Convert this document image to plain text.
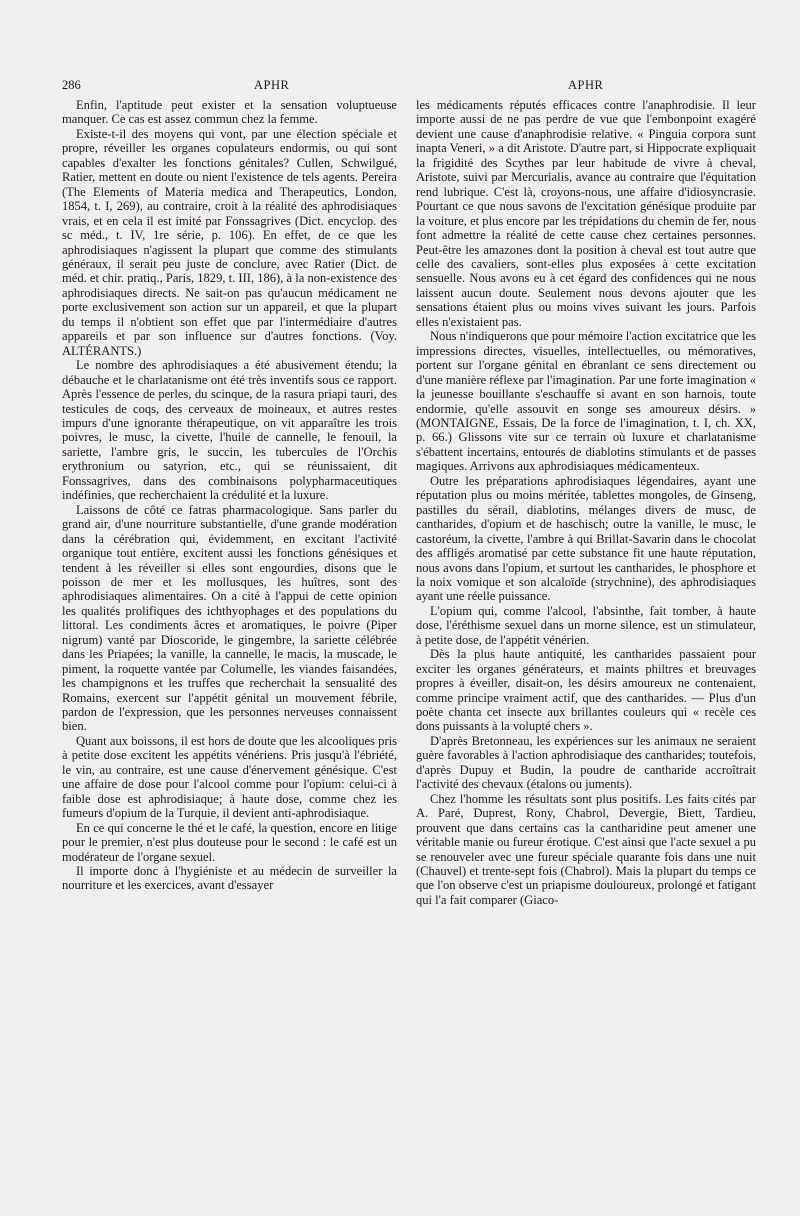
286	APHR	APHR

Enfin, l'aptitude peut exister et la sensation voluptueuse manquer. Ce cas est assez commun chez la femme.

Existe-t-il des moyens qui vont, par une élection spéciale et propre, réveiller les organes copulateurs endormis, ou qui sont capables d'exalter les fonctions génitales? Cullen, Schwilgué, Ratier, mettent en doute ou nient l'existence de tels agents. Pereira (The Elements of Materia medica and Therapeutics, London, 1854, t. I, 269), au contraire, croit à la réalité des aphrodisiaques vrais, et en cela il est imité par Fonssagrives (Dict. encyclop. des sc méd., t. IV, 1re série, p. 106). En effet, de ce que les aphrodisiaques n'agissent la plupart que comme des stimulants généraux, il serait peu juste de conclure, avec Ratier (Dict. de méd. et chir. pratiq., Paris, 1829, t. III, 186), à la non-existence des aphrodisiaques directs. Ne sait-on pas qu'aucun médicament ne porte exclusivement son action sur un appareil, et que la plupart du temps il n'obtient son effet que par l'intermédiaire d'autres appareils et par son influence sur d'autres fonctions. (Voy. ALTÉRANTS.)

Le nombre des aphrodisiaques a été abusivement étendu; la débauche et le charlatanisme ont été très inventifs sous ce rapport. Après l'essence de perles, du scinque, de la rasura priapi tauri, des testicules de coqs, des cerveaux de moineaux, et autres restes impurs d'une ignorante thérapeutique, on vit apparaître les trois poivres, le musc, la civette, l'huile de cannelle, le fenouil, la sariette, l'ambre gris, le succin, les tubercules de l'Orchis erythronium ou satyrion, etc., qui se réunissaient, dit Fonssagrives, dans des combinaisons polypharmaceutiques indéfinies, que recherchaient la crédulité et la luxure.

Laissons de côté ce fatras pharmacologique. Sans parler du grand air, d'une nourriture substantielle, d'une grande modération dans la cérébration qui, évidemment, en excitant l'activité organique tout entière, excitent aussi les fonctions génésiques et tendent à les réveiller si elles sont engourdies, disons que le poisson de mer et les mollusques, les huîtres, sont des aphrodisiaques alimentaires. On a cité à l'appui de cette opinion les qualités prolifiques des ichthyophages et des populations du littoral. Les condiments âcres et aromatiques, le poivre (Piper nigrum) vanté par Dioscoride, le gingembre, la sariette célébrée dans les Priapées; la vanille, la cannelle, le macis, la muscade, le piment, la roquette vantée par Columelle, les viandes faisandées, les champignons et les truffes que recherchait la sensualité des Romains, exercent sur l'appétit génital un mouvement fébrile, pardon de l'expression, que les personnes nerveuses connaissent bien.

Quant aux boissons, il est hors de doute que les alcooliques pris à petite dose excitent les appétits vénériens. Pris jusqu'à l'ébriété, le vin, au contraire, est une cause d'énervement génésique. C'est une affaire de dose pour l'alcool comme pour l'opium: celui-ci à faible dose est aphrodisiaque; à haute dose, comme chez les fumeurs d'opium de la Turquie, il devient anti-aphrodisiaque.

En ce qui concerne le thé et le café, la question, encore en litige pour le premier, n'est plus douteuse pour le second : le café est un modérateur de l'organe sexuel.

Il importe donc à l'hygiéniste et au médecin de surveiller la nourriture et les exercices, avant d'essayer

les médicaments réputés efficaces contre l'anaphrodisie. Il leur importe aussi de ne pas perdre de vue que l'embonpoint exagéré devient une cause d'anaphrodisie relative. « Pinguia corpora sunt inapta Veneri, » a dit Aristote. D'autre part, si Hippocrate expliquait la frigidité des Scythes par leur habitude de vivre à cheval, Aristote, suivi par Mercurialis, avance au contraire que l'équitation rend lubrique. C'est là, croyons-nous, une affaire d'idiosyncrasie. Pourtant ce que nous savons de l'excitation génésique produite par la voiture, et plus encore par les trépidations du chemin de fer, nous font admettre la réalité de cette cause chez certaines personnes. Peut-être les amazones dont la position à cheval est tout autre que celle des cavaliers, sont-elles plus exposées à cette excitation sensuelle. Nous avons eu à cet égard des confidences qui ne nous laissent aucun doute. Seulement nous devons ajouter que les sensations étaient plus ou moins vives suivant les jours. Parfois elles n'existaient pas.

Nous n'indiquerons que pour mémoire l'action excitatrice que les impressions directes, visuelles, intellectuelles, ou mémoratives, portent sur l'organe génital en ébranlant ce sens directement ou d'une manière réflexe par l'imagination. Par une forte imagination « la jeunesse bouillante s'eschauffe si avant en son harnois, toute endormie, qu'elle assouvit en songe ses amoureux désirs. » (MONTAIGNE, Essais, De la force de l'imagination, t. I, ch. XX, p. 66.) Glissons vite sur ce terrain où luxure et charlatanisme s'ébattent incertains, entourés de diablotins stimulants et de passes magiques. Arrivons aux aphrodisiaques médicamenteux.

Outre les préparations aphrodisiaques légendaires, ayant une réputation plus ou moins méritée, tablettes mongoles, de Ginseng, pastilles du sérail, diablotins, mélanges divers de musc, de cantharides, d'opium et de haschisch; outre la vanille, le musc, le castoréum, la civette, l'ambre à qui Brillat-Savarin dans le chocolat des affligés aromatisé par cette substance fit une haute réputation, nous avons dans l'opium, et surtout les cantharides, le phosphore et la noix vomique et son alcaloïde (strychnine), des aphrodisiaques ayant une réelle puissance.

L'opium qui, comme l'alcool, l'absinthe, fait tomber, à haute dose, l'éréthisme sexuel dans un morne silence, est un stimulateur, à petite dose, de l'appétit vénérien.

Dès la plus haute antiquité, les cantharides passaient pour exciter les organes générateurs, et maints philtres et breuvages propres à éveiller, disait-on, les désirs amoureux ne contenaient, comme principe vraiment actif, que des cantharides. — Plus d'un poète chanta cet insecte aux brillantes couleurs qui « recèle ces dons puissants à la volupté chers ».

D'après Bretonneau, les expériences sur les animaux ne seraient guère favorables à l'action aphrodisiaque des cantharides; toutefois, d'après Dupuy et Budin, la poudre de cantharide accroîtrait l'activité des chevaux (étalons ou juments).

Chez l'homme les résultats sont plus positifs. Les faits cités par A. Paré, Duprest, Rony, Chabrol, Devergie, Biett, Tardieu, prouvent que dans certains cas la cantharidine peut amener une véritable manie ou fureur érotique. C'est ainsi que l'acte sexuel a pu se renouveler avec une fureur spéciale quarante fois dans une nuit (Chauvel) et trente-sept fois (Chabrol). Mais la plupart du temps ce que l'on observe c'est un priapisme douloureux, prolongé et fatigant qui l'a fait comparer (Giaco-
